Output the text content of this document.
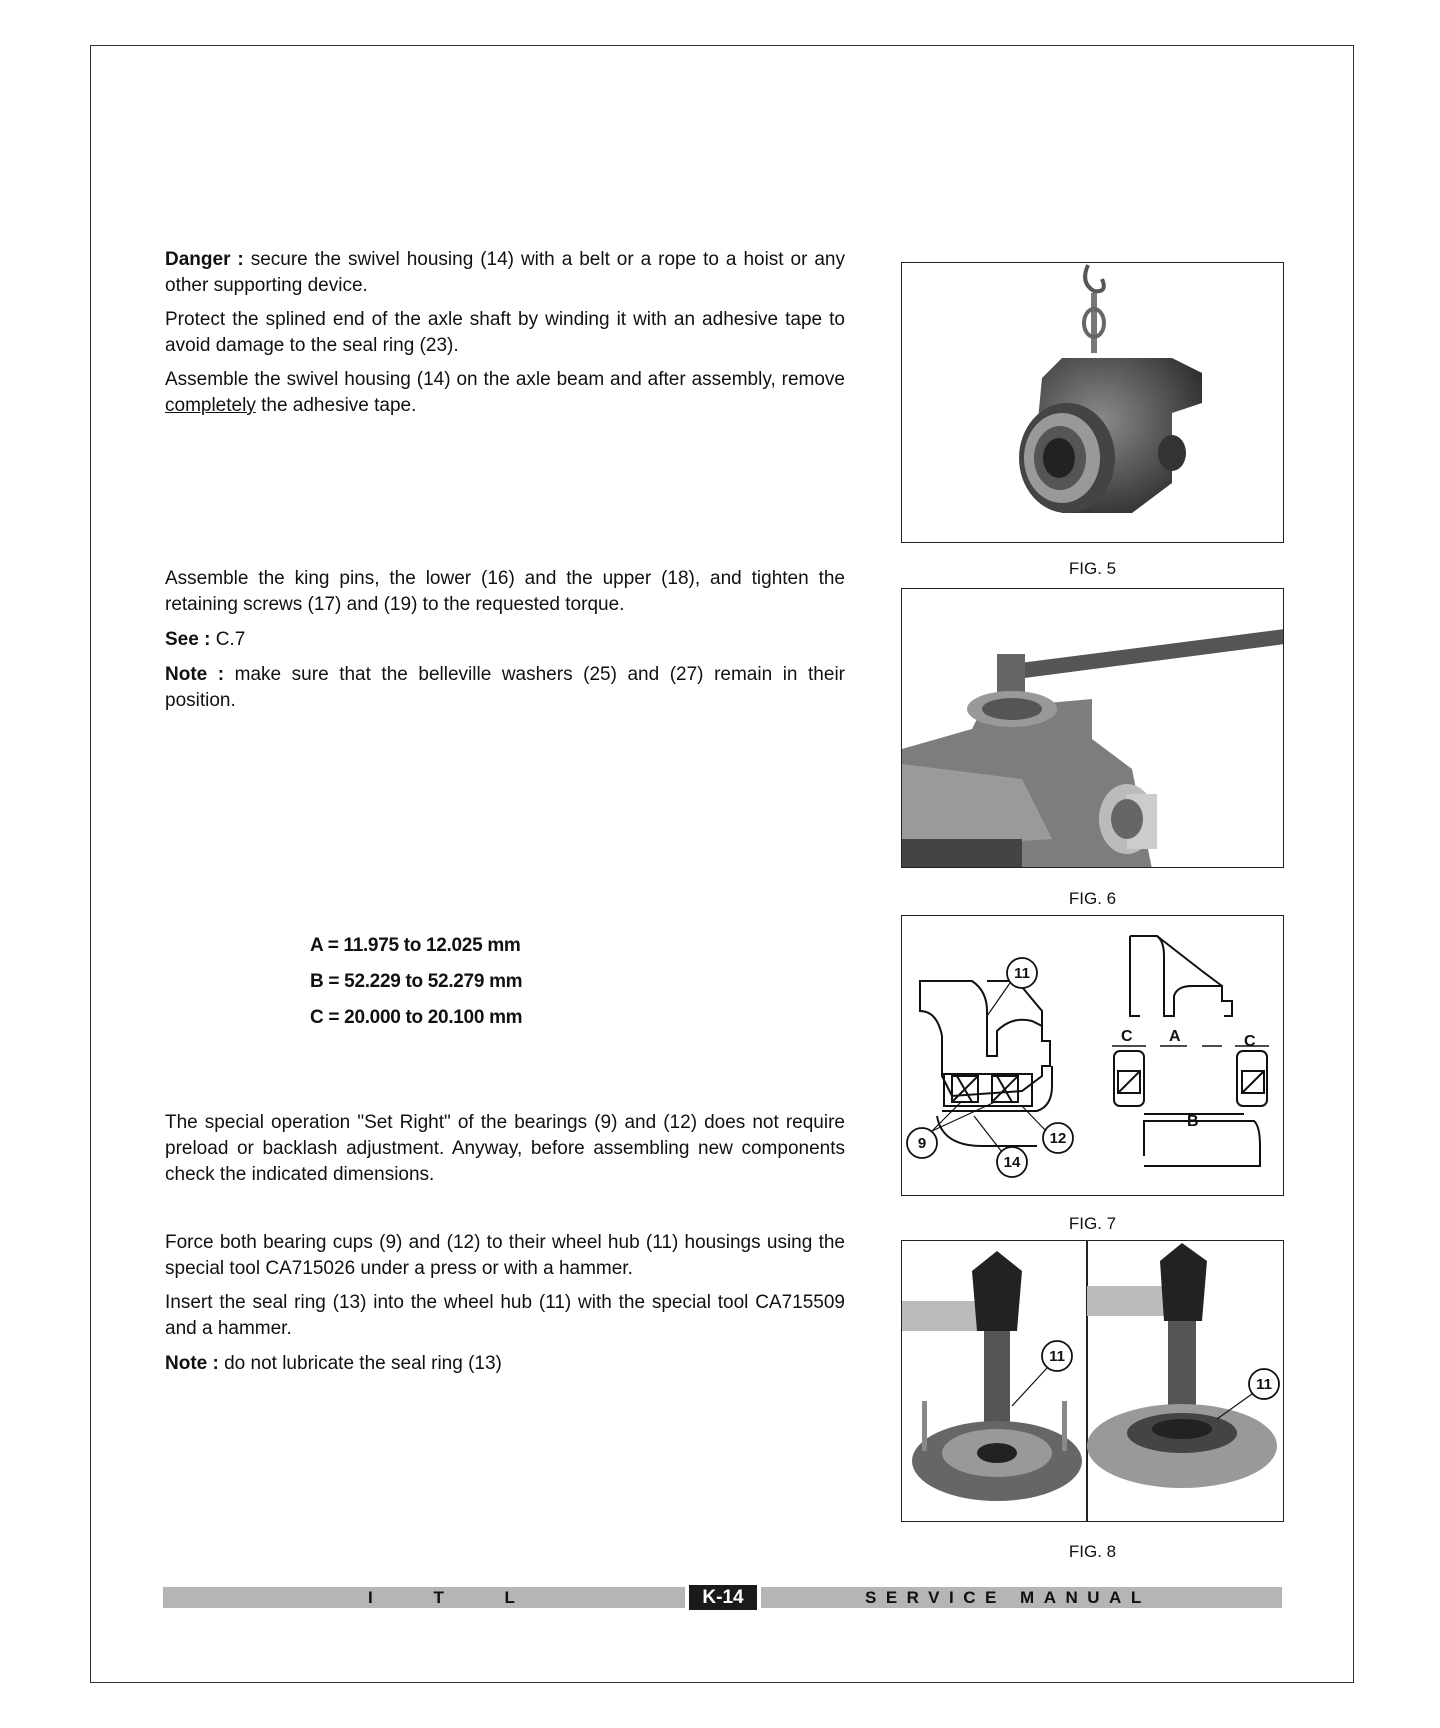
Danger : secure the swivel housing (14) with a belt or a rope to a hoist or any other supporting device.

Protect the splined end of the axle shaft by winding it with an adhesive tape to avoid damage to the seal ring (23).

Assemble the swivel housing (14) on the axle beam and after assembly, remove completely the adhesive tape.

Assemble the king pins, the lower (16) and the upper (18), and tighten the retaining screws (17) and (19) to the requested torque.

See : C.7

Note : make sure that the belleville washers (25) and (27) remain in their position.

A = 11.975 to 12.025 mm

B = 52.229 to 52.279 mm

C = 20.000 to 20.100 mm

The special operation "Set Right" of the bearings (9) and (12) does not require preload or backlash adjustment. Anyway, before assembling new components check the indicated dimensions.

Force both bearing cups (9) and (12) to their wheel hub (11) housings using the special tool CA715026 under a press or with a hammer.

Insert the seal ring (13) into the wheel hub (11) with the special tool CA715509 and a hammer.

Note : do not lubricate the seal ring (13)

FIG. 5
FIG. 6
C	C
A
B
11
9	12
14
FIG. 7
11
11
FIG. 8
I T L	K-14	SERVICE MANUAL
